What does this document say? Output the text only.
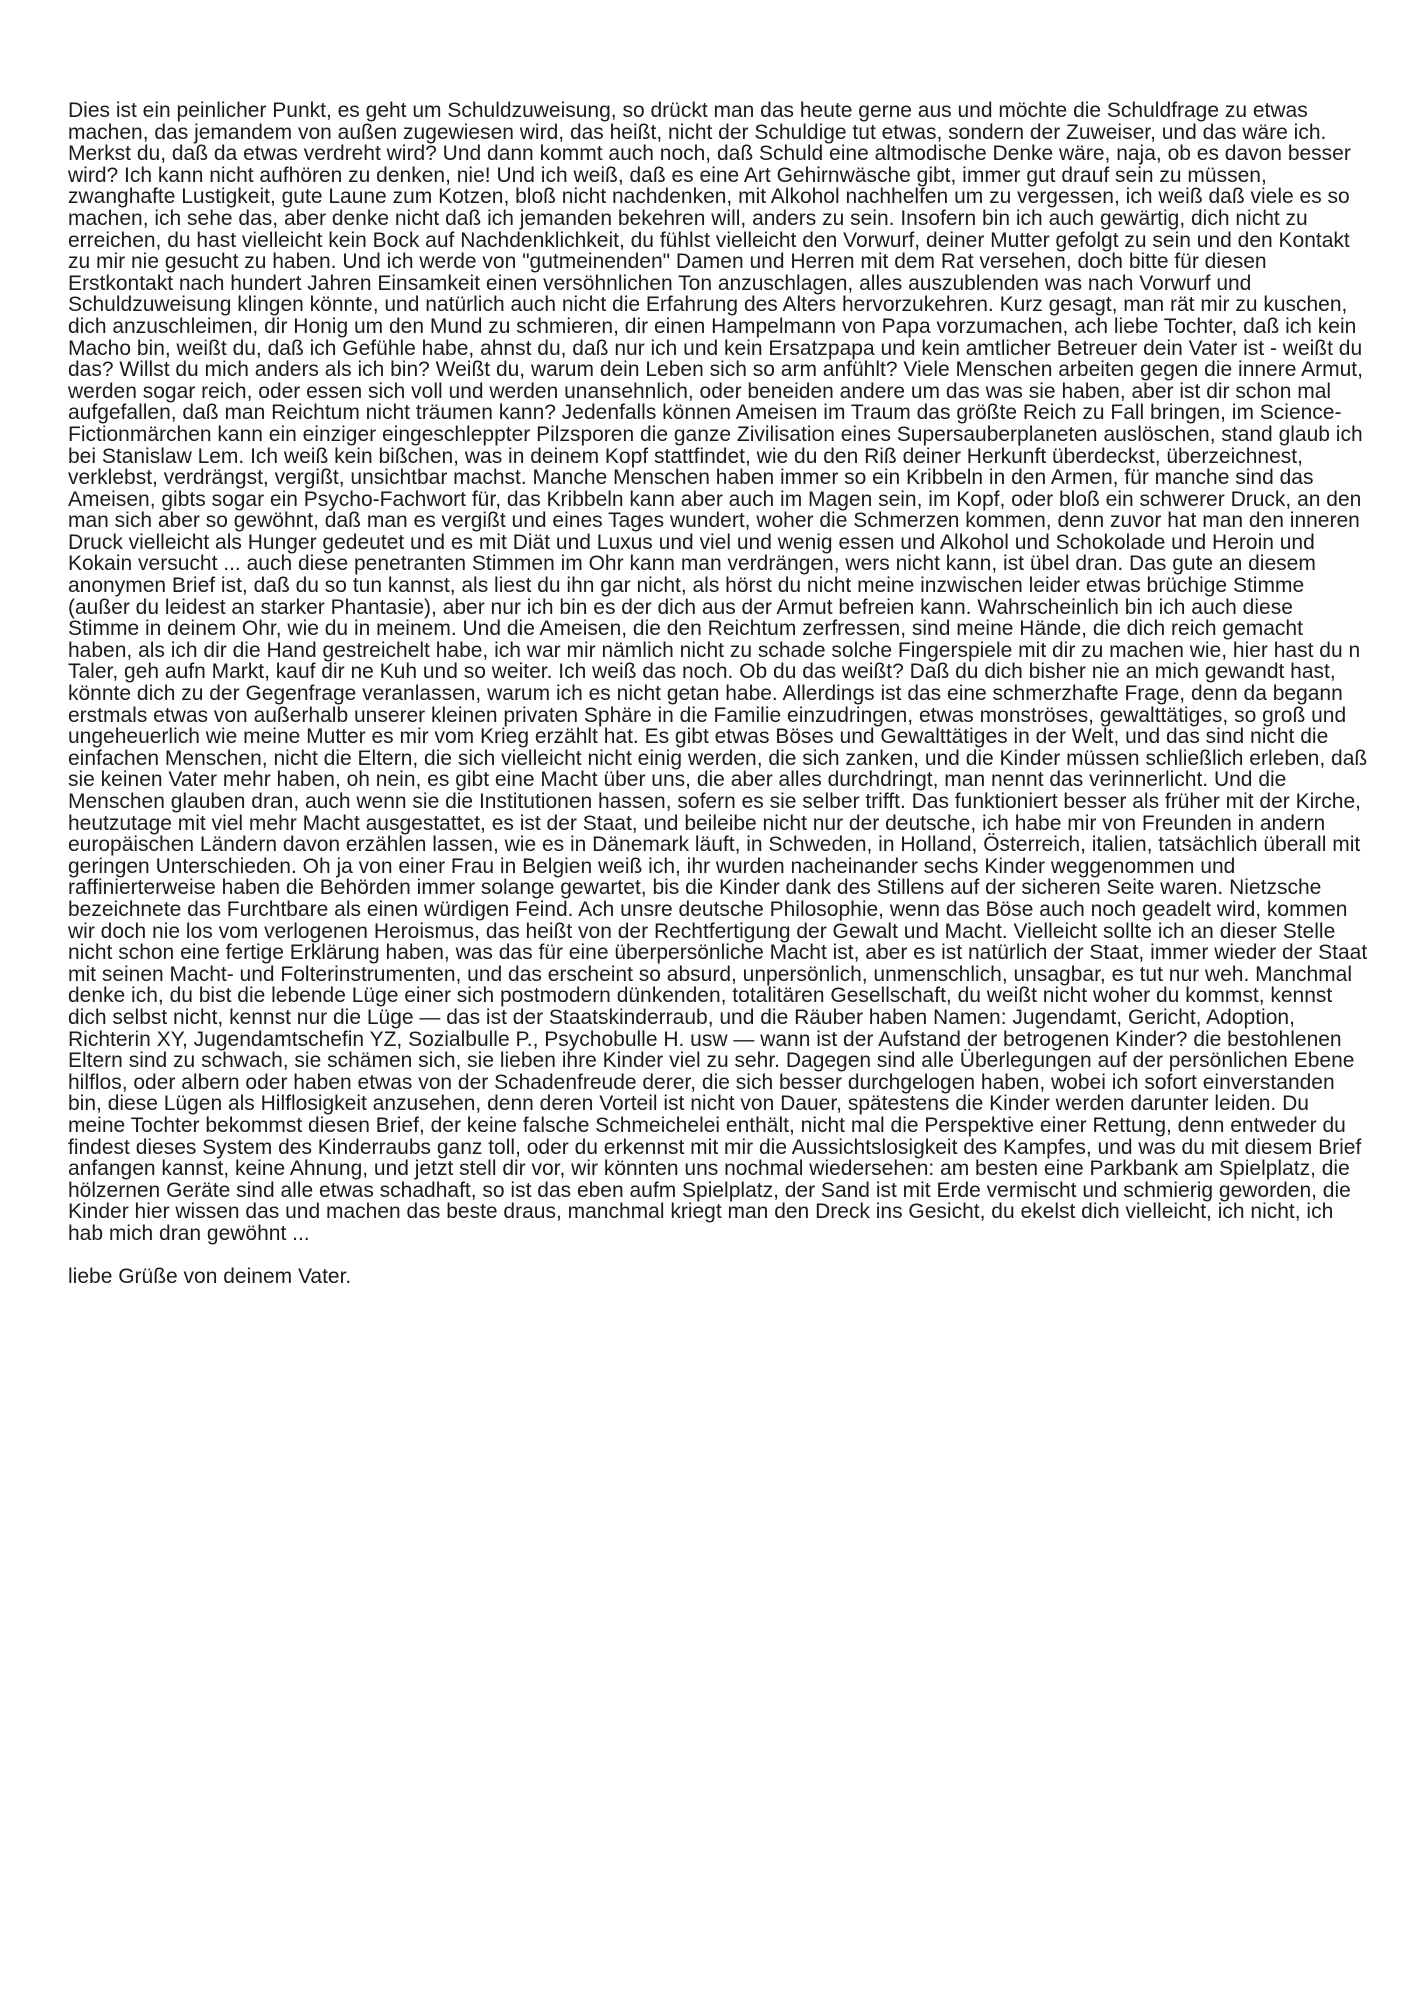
Dies ist ein peinlicher Punkt, es geht um Schuldzuweisung, so drückt man das heute gerne aus und möchte die Schuldfrage zu etwas machen, das jemandem von außen zugewiesen wird, das heißt, nicht der Schuldige tut etwas, sondern der Zuweiser, und das wäre ich. Merkst du, daß da etwas verdreht wird? Und dann kommt auch noch, daß Schuld eine altmodische Denke wäre, naja, ob es davon besser wird? Ich kann nicht aufhören zu denken, nie! Und ich weiß, daß es eine Art Gehirnwäsche gibt, immer gut drauf sein zu müssen, zwanghafte Lustigkeit, gute Laune zum Kotzen, bloß nicht nachdenken, mit Alkohol nachhelfen um zu vergessen, ich weiß daß viele es so machen, ich sehe das, aber denke nicht daß ich jemanden bekehren will, anders zu sein. Insofern bin ich auch gewärtig, dich nicht zu erreichen, du hast vielleicht kein Bock auf Nachdenklichkeit, du fühlst vielleicht den Vorwurf, deiner Mutter gefolgt zu sein und den Kontakt zu mir nie gesucht zu haben. Und ich werde von "gutmeinenden" Damen und Herren mit dem Rat versehen, doch bitte für diesen Erstkontakt nach hundert Jahren Einsamkeit einen versöhnlichen Ton anzuschlagen, alles auszublenden was nach Vorwurf und Schuldzuweisung klingen könnte, und natürlich auch nicht die Erfahrung des Alters hervorzukehren. Kurz gesagt, man rät mir zu kuschen, dich anzuschleimen, dir Honig um den Mund zu schmieren, dir einen Hampelmann von Papa vorzumachen, ach liebe Tochter, daß ich kein Macho bin, weißt du, daß ich Gefühle habe, ahnst du, daß nur ich und kein Ersatzpapa und kein amtlicher Betreuer dein Vater ist - weißt du das? Willst du mich anders als ich bin? Weißt du, warum dein Leben sich so arm anfühlt? Viele Menschen arbeiten gegen die innere Armut, werden sogar reich, oder essen sich voll und werden unansehnlich, oder beneiden andere um das was sie haben, aber ist dir schon mal aufgefallen, daß man Reichtum nicht träumen kann? Jedenfalls können Ameisen im Traum das größte Reich zu Fall bringen, im Science-Fictionmärchen kann ein einziger eingeschleppter Pilzsporen die ganze Zivilisation eines Supersauberplaneten auslöschen, stand glaub ich bei Stanislaw Lem. Ich weiß kein bißchen, was in deinem Kopf stattfindet, wie du den Riß deiner Herkunft überdeckst, überzeichnest, verklebst, verdrängst, vergißt, unsichtbar machst. Manche Menschen haben immer so ein Kribbeln in den Armen, für manche sind das Ameisen, gibts sogar ein Psycho-Fachwort für, das Kribbeln kann aber auch im Magen sein, im Kopf, oder bloß ein schwerer Druck, an den man sich aber so gewöhnt, daß man es vergißt und eines Tages wundert, woher die Schmerzen kommen, denn zuvor hat man den inneren Druck vielleicht als Hunger gedeutet und es mit Diät und Luxus und viel und wenig essen und Alkohol und Schokolade und Heroin und Kokain versucht ... auch diese penetranten Stimmen im Ohr kann man verdrängen, wers nicht kann, ist übel dran. Das gute an diesem anonymen Brief ist, daß du so tun kannst, als liest du ihn gar nicht, als hörst du nicht meine inzwischen leider etwas brüchige Stimme (außer du leidest an starker Phantasie), aber nur ich bin es der dich aus der Armut befreien kann. Wahrscheinlich bin ich auch diese Stimme in deinem Ohr, wie du in meinem. Und die Ameisen, die den Reichtum zerfressen, sind meine Hände, die dich reich gemacht haben, als ich dir die Hand gestreichelt habe, ich war mir nämlich nicht zu schade solche Fingerspiele mit dir zu machen wie, hier hast du n Taler, geh aufn Markt, kauf dir ne Kuh und so weiter. Ich weiß das noch. Ob du das weißt? Daß du dich bisher nie an mich gewandt hast, könnte dich zu der Gegenfrage veranlassen, warum ich es nicht getan habe. Allerdings ist das eine schmerzhafte Frage, denn da begann erstmals etwas von außerhalb unserer kleinen privaten Sphäre in die Familie einzudringen, etwas monströses, gewalttätiges, so groß und ungeheuerlich wie meine Mutter es mir vom Krieg erzählt hat. Es gibt etwas Böses und Gewalttätiges in der Welt, und das sind nicht die einfachen Menschen, nicht die Eltern, die sich vielleicht nicht einig werden, die sich zanken, und die Kinder müssen schließlich erleben, daß sie keinen Vater mehr haben, oh nein, es gibt eine Macht über uns, die aber alles durchdringt, man nennt das verinnerlicht. Und die Menschen glauben dran, auch wenn sie die Institutionen hassen, sofern es sie selber trifft. Das funktioniert besser als früher mit der Kirche, heutzutage mit viel mehr Macht ausgestattet, es ist der Staat, und beileibe nicht nur der deutsche, ich habe mir von Freunden in andern europäischen Ländern davon erzählen lassen, wie es in Dänemark läuft, in Schweden, in Holland, Österreich, italien, tatsächlich überall mit geringen Unterschieden. Oh ja von einer Frau in Belgien weiß ich, ihr wurden nacheinander sechs Kinder weggenommen und raffinierterweise haben die Behörden immer solange gewartet, bis die Kinder dank des Stillens auf der sicheren Seite waren. Nietzsche bezeichnete das Furchtbare als einen würdigen Feind. Ach unsre deutsche Philosophie, wenn das Böse auch noch geadelt wird, kommen wir doch nie los vom verlogenen Heroismus, das heißt von der Rechtfertigung der Gewalt und Macht. Vielleicht sollte ich an dieser Stelle nicht schon eine fertige Erklärung haben, was das für eine überpersönliche Macht ist, aber es ist natürlich der Staat, immer wieder der Staat mit seinen Macht- und Folterinstrumenten, und das erscheint so absurd, unpersönlich, unmenschlich, unsagbar, es tut nur weh. Manchmal denke ich, du bist die lebende Lüge einer sich postmodern dünkenden, totalitären Gesellschaft, du weißt nicht woher du kommst, kennst dich selbst nicht, kennst nur die Lüge — das ist der Staatskinderraub, und die Räuber haben Namen: Jugendamt, Gericht, Adoption, Richterin XY, Jugendamtschefin YZ, Sozialbulle P., Psychobulle H. usw — wann ist der Aufstand der betrogenen Kinder? die bestohlenen Eltern sind zu schwach, sie schämen sich, sie lieben ihre Kinder viel zu sehr. Dagegen sind alle Überlegungen auf der persönlichen Ebene hilflos, oder albern oder haben etwas von der Schadenfreude derer, die sich besser durchgelogen haben, wobei ich sofort einverstanden bin, diese Lügen als Hilflosigkeit anzusehen, denn deren Vorteil ist nicht von Dauer, spätestens die Kinder werden darunter leiden. Du meine Tochter bekommst diesen Brief, der keine falsche Schmeichelei enthält, nicht mal die Perspektive einer Rettung, denn entweder du findest dieses System des Kinderraubs ganz toll, oder du erkennst mit mir die Aussichtslosigkeit des Kampfes, und was du mit diesem Brief anfangen kannst, keine Ahnung, und jetzt stell dir vor, wir könnten uns nochmal wiedersehen: am besten eine Parkbank am Spielplatz, die hölzernen Geräte sind alle etwas schadhaft, so ist das eben aufm Spielplatz, der Sand ist mit Erde vermischt und schmierig geworden, die Kinder hier wissen das und machen das beste draus, manchmal kriegt man den Dreck ins Gesicht, du ekelst dich vielleicht, ich nicht, ich hab mich dran gewöhnt ...

liebe Grüße von deinem Vater.
